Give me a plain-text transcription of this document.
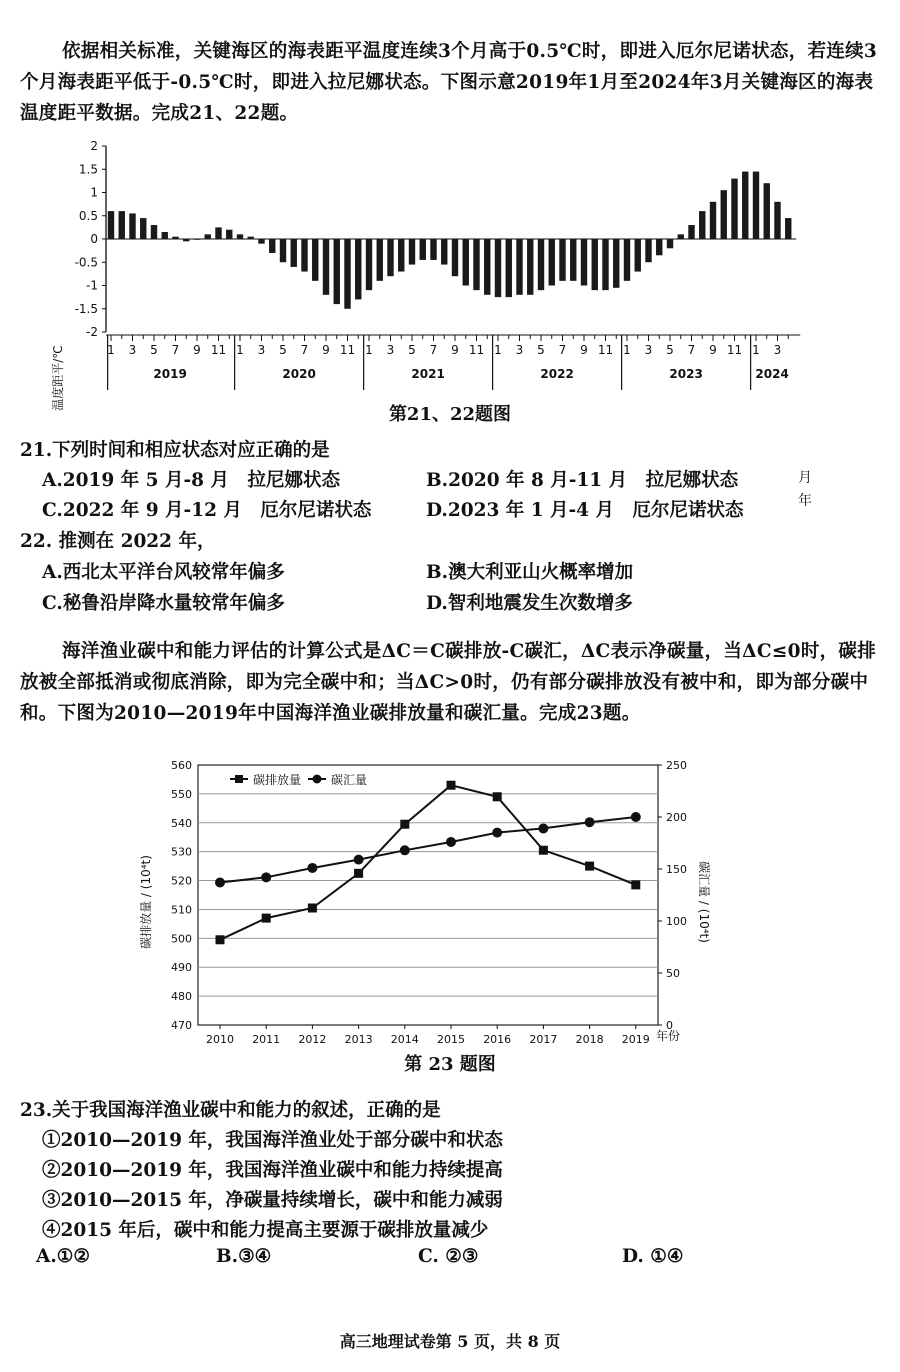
依据相关标准，关键海区的海表距平温度连续3个月高于0.5℃时，即进入厄尔尼诺状态，若连续3个月海表距平低于-0.5℃时，即进入拉尼娜状态。下图示意2019年1月至2024年3月关键海区的海表温度距平数据。完成21、22题。
温度距平/℃
2
1.5
1
0.5
0
-0.5
-1
-1.5
-2
1 3 5 7 9 11 1 3 5 7 9 11 1 3 5 7 9 11 1 3 5 7 9 11 1 3 5 7 9 11 1 3
2019	2020	2021	2022	2023	2024
月
年
第21、22题图
21.下列时间和相应状态对应正确的是
A.2019 年 5 月-8 月　拉尼娜状态	B.2020 年 8 月-11 月　拉尼娜状态
C.2022 年 9 月-12 月　厄尔尼诺状态	D.2023 年 1 月-4 月　厄尔尼诺状态
22. 推测在 2022 年，
A.西北太平洋台风较常年偏多	B.澳大利亚山火概率增加
C.秘鲁沿岸降水量较常年偏多	D.智利地震发生次数增多
海洋渔业碳中和能力评估的计算公式是ΔC＝C碳排放-C碳汇，ΔC表示净碳量，当ΔC≤0时，碳排放被全部抵消或彻底消除，即为完全碳中和；当ΔC>0时，仍有部分碳排放没有被中和，即为部分碳中和。下图为2010—2019年中国海洋渔业碳排放量和碳汇量。完成23题。
560
550
540
530
520
510
500
490
480
470
250
200
150
100
50
0
2010 2011 2012 2013 2014 2015 2016 2017 2018 2019
碳排放量 碳汇量
碳排放量 / (10⁴t)	碳汇量 / (10⁴t)
年份
第 23 题图
23.关于我国海洋渔业碳中和能力的叙述，正确的是
①2010—2019 年，我国海洋渔业处于部分碳中和状态
②2010—2019 年，我国海洋渔业碳中和能力持续提高
③2010—2015 年，净碳量持续增长，碳中和能力减弱
④2015 年后，碳中和能力提高主要源于碳排放量减少
A.①②	B.③④	C. ②③	D. ①④
高三地理试卷第 5 页，共 8 页
